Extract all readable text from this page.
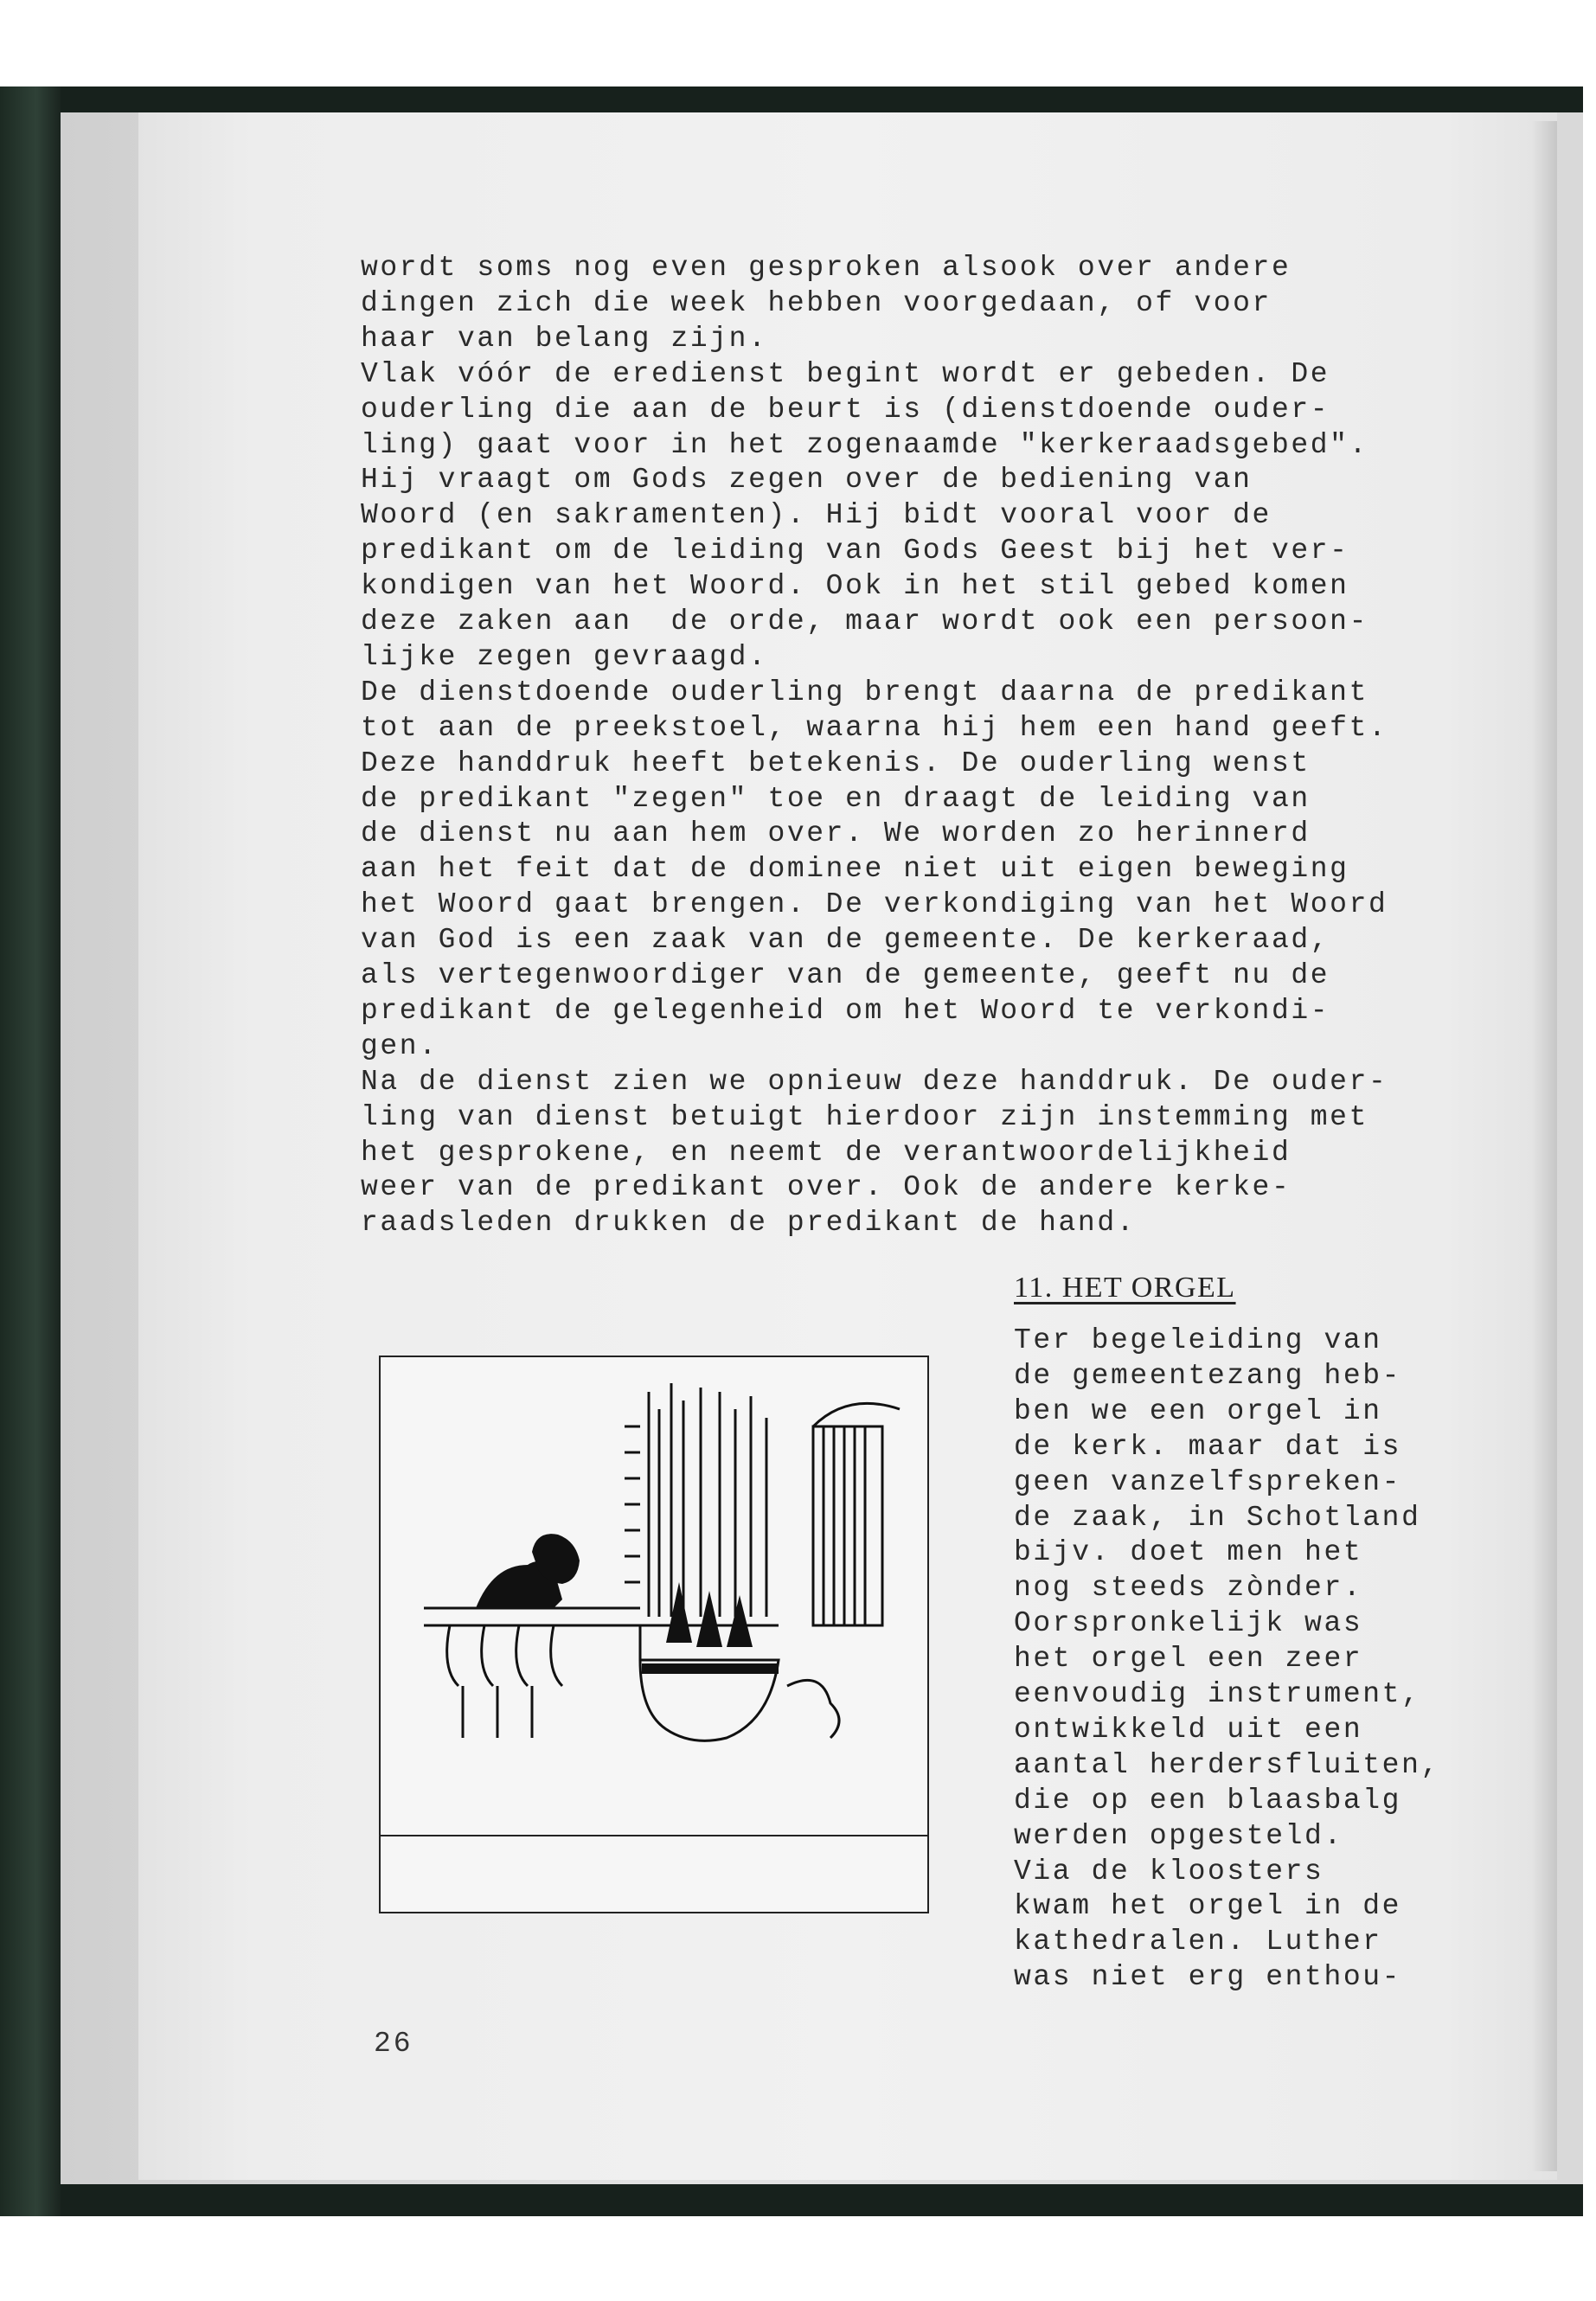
wordt soms nog even gesproken alsook over andere
dingen zich die week hebben voorgedaan, of voor
haar van belang zijn.
Vlak vóór de eredienst begint wordt er gebeden. De
ouderling die aan de beurt is (dienstdoende ouder-
ling) gaat voor in het zogenaamde "kerkeraadsgebed".
Hij vraagt om Gods zegen over de bediening van
Woord (en sakramenten). Hij bidt vooral voor de
predikant om de leiding van Gods Geest bij het ver-
kondigen van het Woord. Ook in het stil gebed komen
deze zaken aan  de orde, maar wordt ook een persoon-
lijke zegen gevraagd.
De dienstdoende ouderling brengt daarna de predikant
tot aan de preekstoel, waarna hij hem een hand geeft.
Deze handdruk heeft betekenis. De ouderling wenst
de predikant "zegen" toe en draagt de leiding van
de dienst nu aan hem over. We worden zo herinnerd
aan het feit dat de dominee niet uit eigen beweging
het Woord gaat brengen. De verkondiging van het Woord
van God is een zaak van de gemeente. De kerkeraad,
als vertegenwoordiger van de gemeente, geeft nu de
predikant de gelegenheid om het Woord te verkondi-
gen.
Na de dienst zien we opnieuw deze handdruk. De ouder-
ling van dienst betuigt hierdoor zijn instemming met
het gesprokene, en neemt de verantwoordelijkheid
weer van de predikant over. Ook de andere kerke-
raadsleden drukken de predikant de hand.
11. HET ORGEL
Ter begeleiding van
de gemeentezang heb-
ben we een orgel in
de kerk. maar dat is
geen vanzelfspreken-
de zaak, in Schotland
bijv. doet men het
nog steeds zònder.
Oorspronkelijk was
het orgel een zeer
eenvoudig instrument,
ontwikkeld uit een
aantal herdersfluiten,
die op een blaasbalg
werden opgesteld.
Via de kloosters
kwam het orgel in de
kathedralen. Luther
was niet erg enthou-
26
